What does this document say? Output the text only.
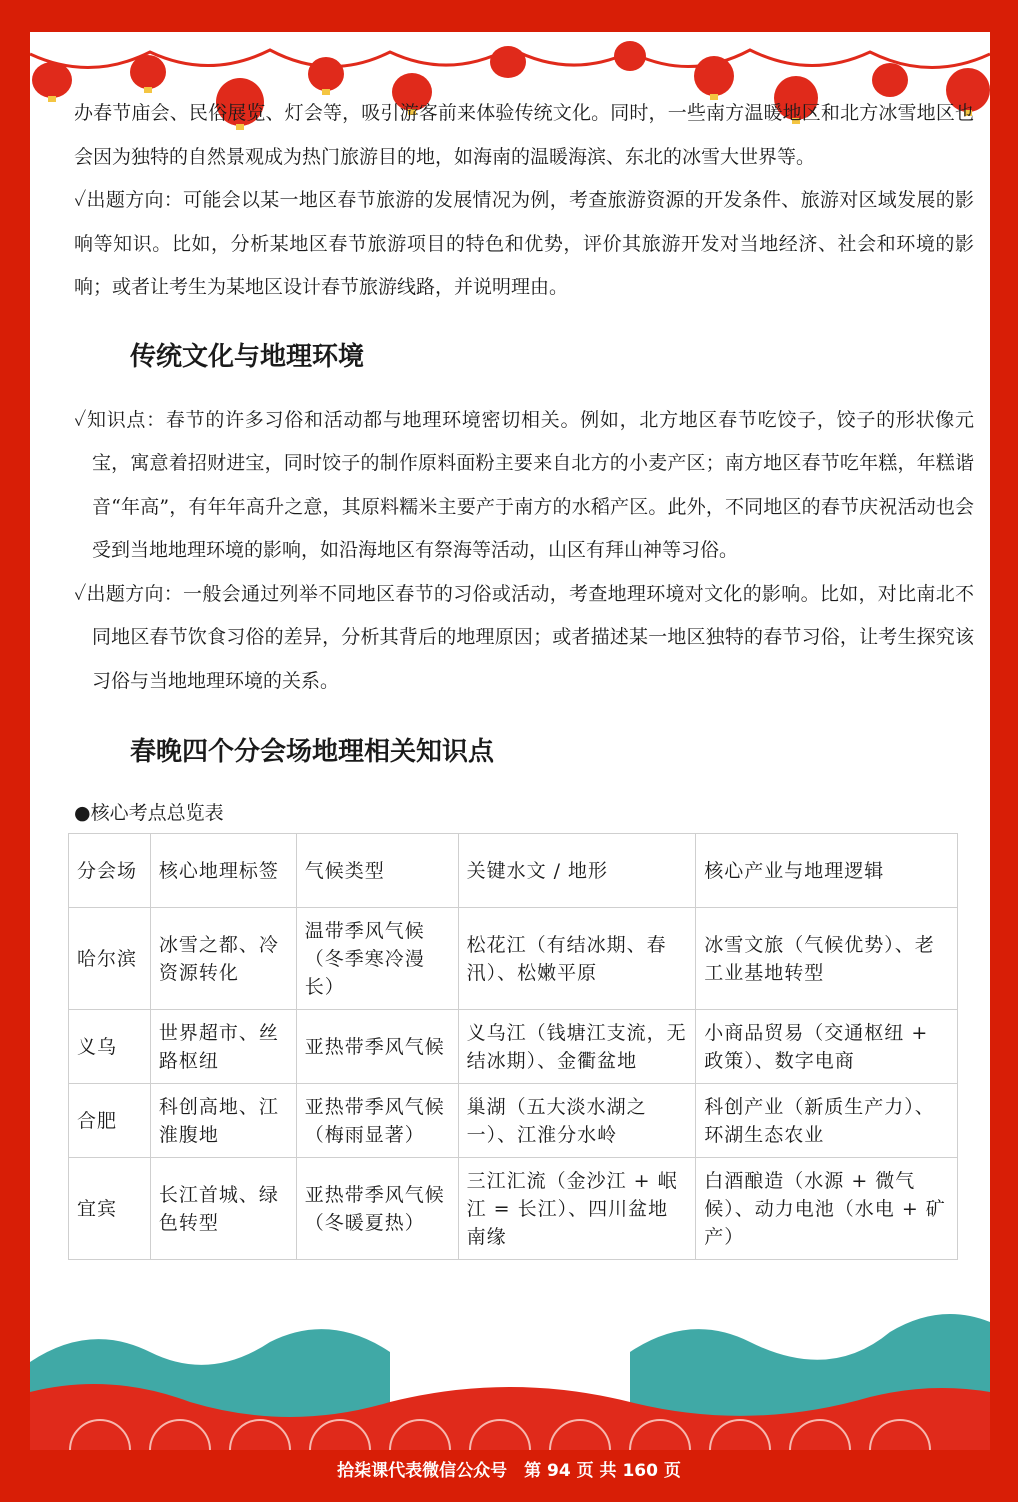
办春节庙会、民俗展览、灯会等，吸引游客前来体验传统文化。同时，一些南方温暖地区和北方冰雪地区也会因为独特的自然景观成为热门旅游目的地，如海南的温暖海滨、东北的冰雪大世界等。

✓出题方向：可能会以某一地区春节旅游的发展情况为例，考查旅游资源的开发条件、旅游对区域发展的影响等知识。比如，分析某地区春节旅游项目的特色和优势，评价其旅游开发对当地经济、社会和环境的影响；或者让考生为某地区设计春节旅游线路，并说明理由。

传统文化与地理环境

✓知识点：春节的许多习俗和活动都与地理环境密切相关。例如，北方地区春节吃饺子，饺子的形状像元宝，寓意着招财进宝，同时饺子的制作原料面粉主要来自北方的小麦产区；南方地区春节吃年糕，年糕谐音“年高”，有年年高升之意，其原料糯米主要产于南方的水稻产区。此外，不同地区的春节庆祝活动也会受到当地地理环境的影响，如沿海地区有祭海等活动，山区有拜山神等习俗。

✓出题方向：一般会通过列举不同地区春节的习俗或活动，考查地理环境对文化的影响。比如，对比南北不同地区春节饮食习俗的差异，分析其背后的地理原因；或者描述某一地区独特的春节习俗，让考生探究该习俗与当地地理环境的关系。

春晚四个分会场地理相关知识点

●核心考点总览表

分会场	核心地理标签	气候类型	关键水文 / 地形	核心产业与地理逻辑
哈尔滨	冰雪之都、冷资源转化	温带季风气候（冬季寒冷漫长）	松花江（有结冰期、春汛）、松嫩平原	冰雪文旅（气候优势）、老工业基地转型
义乌	世界超市、丝路枢纽	亚热带季风气候	义乌江（钱塘江支流，无结冰期）、金衢盆地	小商品贸易（交通枢纽 + 政策）、数字电商
合肥	科创高地、江淮腹地	亚热带季风气候（梅雨显著）	巢湖（五大淡水湖之一）、江淮分水岭	科创产业（新质生产力）、环湖生态农业
宜宾	长江首城、绿色转型	亚热带季风气候（冬暖夏热）	三江汇流（金沙江 + 岷江 = 长江）、四川盆地南缘	白酒酿造（水源 + 微气候）、动力电池（水电 + 矿产）
拾柒课代表微信公众号　第 94 页 共 160 页
